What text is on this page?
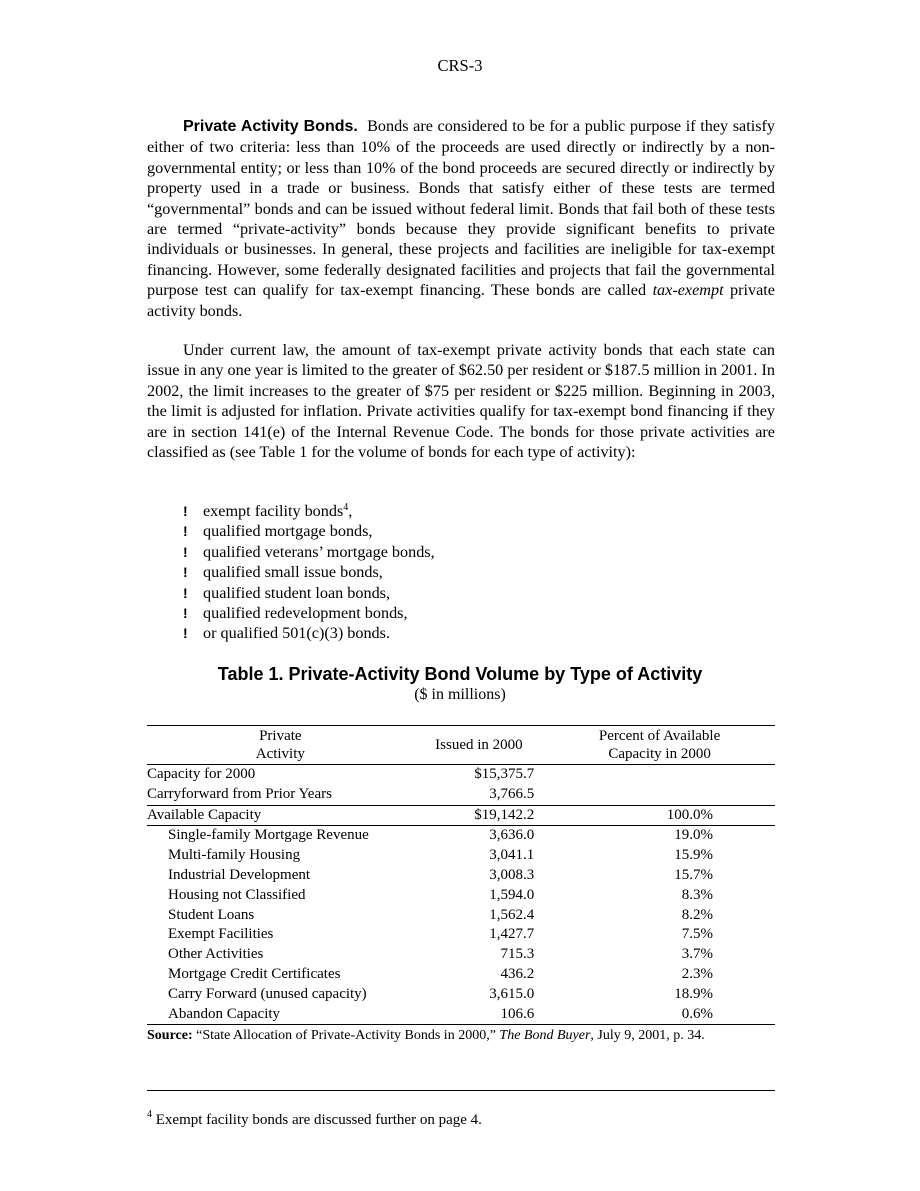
CRS-3

Private Activity Bonds. Bonds are considered to be for a public purpose if they satisfy either of two criteria: less than 10% of the proceeds are used directly or indirectly by a non-governmental entity; or less than 10% of the bond proceeds are secured directly or indirectly by property used in a trade or business. Bonds that satisfy either of these tests are termed “governmental” bonds and can be issued without federal limit. Bonds that fail both of these tests are termed “private-activity” bonds because they provide significant benefits to private individuals or businesses. In general, these projects and facilities are ineligible for tax-exempt financing. However, some federally designated facilities and projects that fail the governmental purpose test can qualify for tax-exempt financing. These bonds are called tax-exempt private activity bonds.

Under current law, the amount of tax-exempt private activity bonds that each state can issue in any one year is limited to the greater of $62.50 per resident or $187.5 million in 2001. In 2002, the limit increases to the greater of $75 per resident or $225 million. Beginning in 2003, the limit is adjusted for inflation. Private activities qualify for tax-exempt bond financing if they are in section 141(e) of the Internal Revenue Code. The bonds for those private activities are classified as (see Table 1 for the volume of bonds for each type of activity):

! exempt facility bonds$^4$,
! qualified mortgage bonds,
! qualified veterans’ mortgage bonds,
! qualified small issue bonds,
! qualified student loan bonds,
! qualified redevelopment bonds,
! or qualified 501(c)(3) bonds.
Table 1. Private-Activity Bond Volume by Type of Activity
($ in millions)
Private
Activity	Issued in 2000	Percent of Available
Capacity in 2000
Capacity for 2000	$15,375.7	
Carryforward from Prior Years	3,766.5	
Available Capacity	$19,142.2	100.0%
Single-family Mortgage Revenue	3,636.0	19.0%
Multi-family Housing	3,041.1	15.9%
Industrial Development	3,008.3	15.7%
Housing not Classified	1,594.0	8.3%
Student Loans	1,562.4	8.2%
Exempt Facilities	1,427.7	7.5%
Other Activities	715.3	3.7%
Mortgage Credit Certificates	436.2	2.3%
Carry Forward (unused capacity)	3,615.0	18.9%
Abandon Capacity	106.6	0.6%
Source: “State Allocation of Private-Activity Bonds in 2000,” The Bond Buyer, July 9, 2001, p. 34.
$^4$ Exempt facility bonds are discussed further on page 4.
